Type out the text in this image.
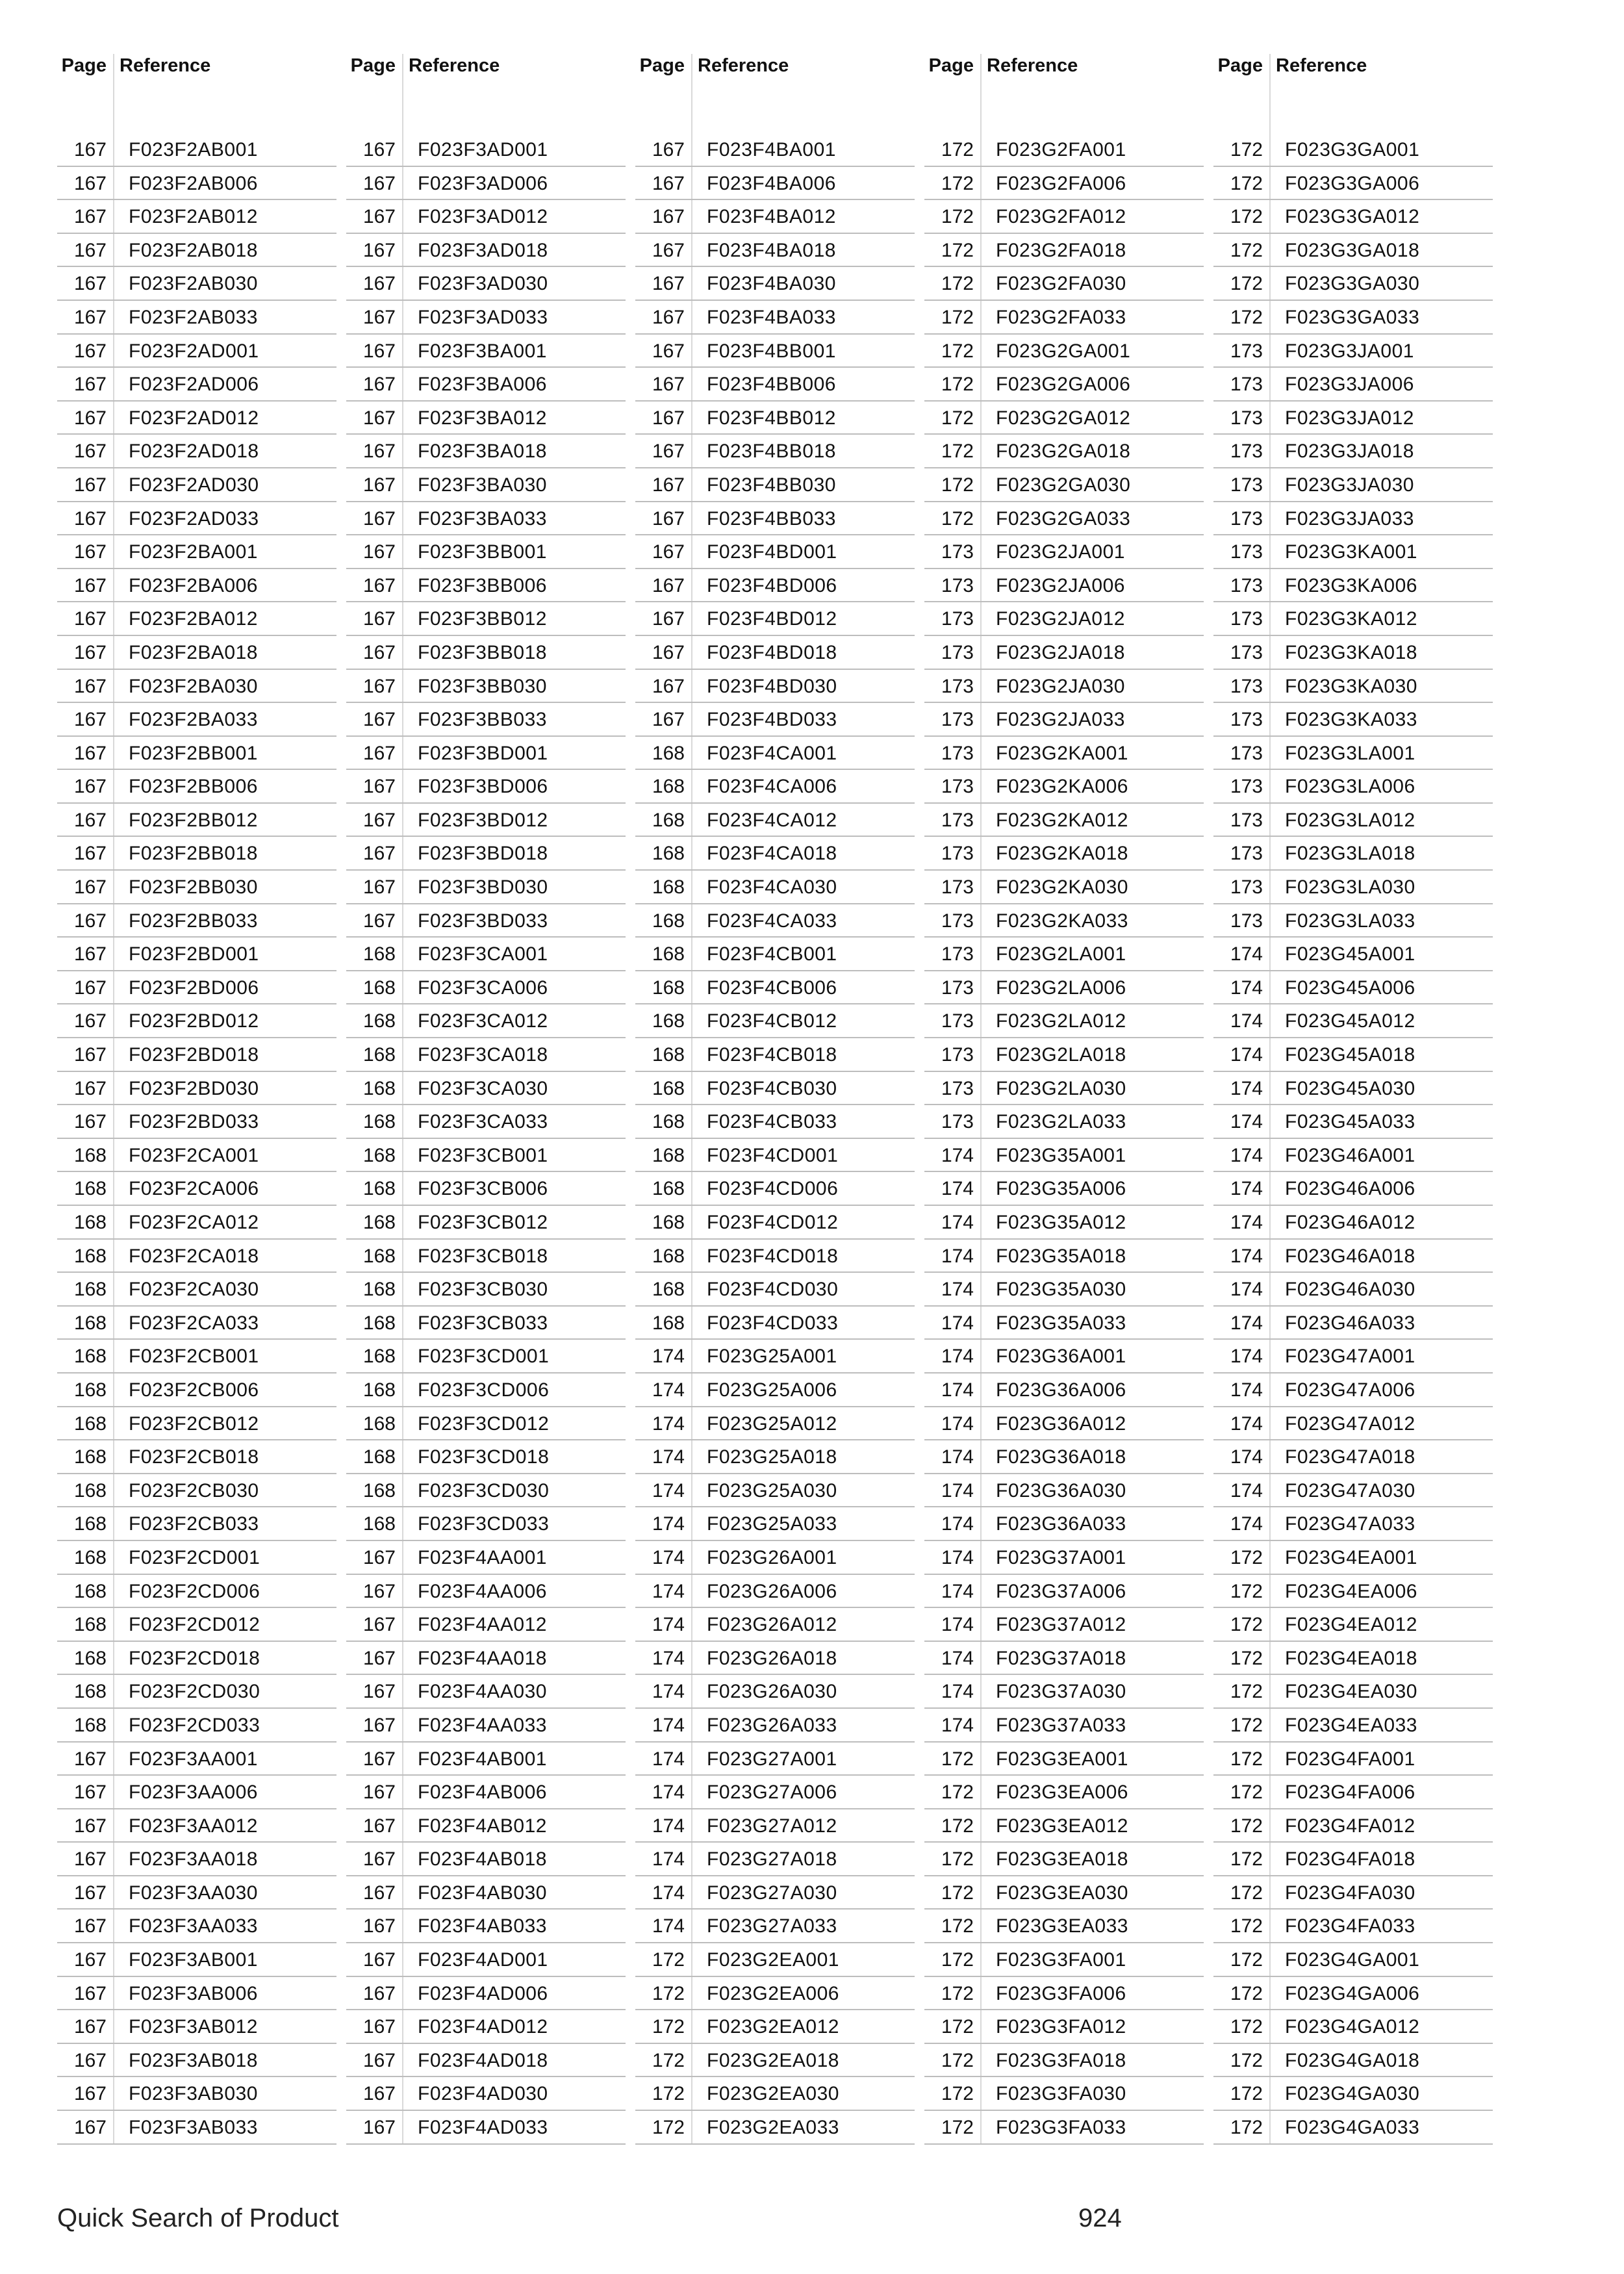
Page Reference
167 F023F2AB001
167 F023F2AB006
167 F023F2AB012
167 F023F2AB018
167 F023F2AB030
167 F023F2AB033
167 F023F2AD001
167 F023F2AD006
167 F023F2AD012
167 F023F2AD018
167 F023F2AD030
167 F023F2AD033
167 F023F2BA001
167 F023F2BA006
167 F023F2BA012
167 F023F2BA018
167 F023F2BA030
167 F023F2BA033
167 F023F2BB001
167 F023F2BB006
167 F023F2BB012
167 F023F2BB018
167 F023F2BB030
167 F023F2BB033
167 F023F2BD001
167 F023F2BD006
167 F023F2BD012
167 F023F2BD018
167 F023F2BD030
167 F023F2BD033
168 F023F2CA001
168 F023F2CA006
168 F023F2CA012
168 F023F2CA018
168 F023F2CA030
168 F023F2CA033
168 F023F2CB001
168 F023F2CB006
168 F023F2CB012
168 F023F2CB018
168 F023F2CB030
168 F023F2CB033
168 F023F2CD001
168 F023F2CD006
168 F023F2CD012
168 F023F2CD018
168 F023F2CD030
168 F023F2CD033
167 F023F3AA001
167 F023F3AA006
167 F023F3AA012
167 F023F3AA018
167 F023F3AA030
167 F023F3AA033
167 F023F3AB001
167 F023F3AB006
167 F023F3AB012
167 F023F3AB018
167 F023F3AB030
167 F023F3AB033
Page Reference
167 F023F3AD001
167 F023F3AD006
167 F023F3AD012
167 F023F3AD018
167 F023F3AD030
167 F023F3AD033
167 F023F3BA001
167 F023F3BA006
167 F023F3BA012
167 F023F3BA018
167 F023F3BA030
167 F023F3BA033
167 F023F3BB001
167 F023F3BB006
167 F023F3BB012
167 F023F3BB018
167 F023F3BB030
167 F023F3BB033
167 F023F3BD001
167 F023F3BD006
167 F023F3BD012
167 F023F3BD018
167 F023F3BD030
167 F023F3BD033
168 F023F3CA001
168 F023F3CA006
168 F023F3CA012
168 F023F3CA018
168 F023F3CA030
168 F023F3CA033
168 F023F3CB001
168 F023F3CB006
168 F023F3CB012
168 F023F3CB018
168 F023F3CB030
168 F023F3CB033
168 F023F3CD001
168 F023F3CD006
168 F023F3CD012
168 F023F3CD018
168 F023F3CD030
168 F023F3CD033
167 F023F4AA001
167 F023F4AA006
167 F023F4AA012
167 F023F4AA018
167 F023F4AA030
167 F023F4AA033
167 F023F4AB001
167 F023F4AB006
167 F023F4AB012
167 F023F4AB018
167 F023F4AB030
167 F023F4AB033
167 F023F4AD001
167 F023F4AD006
167 F023F4AD012
167 F023F4AD018
167 F023F4AD030
167 F023F4AD033
Page Reference
167 F023F4BA001
167 F023F4BA006
167 F023F4BA012
167 F023F4BA018
167 F023F4BA030
167 F023F4BA033
167 F023F4BB001
167 F023F4BB006
167 F023F4BB012
167 F023F4BB018
167 F023F4BB030
167 F023F4BB033
167 F023F4BD001
167 F023F4BD006
167 F023F4BD012
167 F023F4BD018
167 F023F4BD030
167 F023F4BD033
168 F023F4CA001
168 F023F4CA006
168 F023F4CA012
168 F023F4CA018
168 F023F4CA030
168 F023F4CA033
168 F023F4CB001
168 F023F4CB006
168 F023F4CB012
168 F023F4CB018
168 F023F4CB030
168 F023F4CB033
168 F023F4CD001
168 F023F4CD006
168 F023F4CD012
168 F023F4CD018
168 F023F4CD030
168 F023F4CD033
174 F023G25A001
174 F023G25A006
174 F023G25A012
174 F023G25A018
174 F023G25A030
174 F023G25A033
174 F023G26A001
174 F023G26A006
174 F023G26A012
174 F023G26A018
174 F023G26A030
174 F023G26A033
174 F023G27A001
174 F023G27A006
174 F023G27A012
174 F023G27A018
174 F023G27A030
174 F023G27A033
172 F023G2EA001
172 F023G2EA006
172 F023G2EA012
172 F023G2EA018
172 F023G2EA030
172 F023G2EA033
Page Reference
172 F023G2FA001
172 F023G2FA006
172 F023G2FA012
172 F023G2FA018
172 F023G2FA030
172 F023G2FA033
172 F023G2GA001
172 F023G2GA006
172 F023G2GA012
172 F023G2GA018
172 F023G2GA030
172 F023G2GA033
173 F023G2JA001
173 F023G2JA006
173 F023G2JA012
173 F023G2JA018
173 F023G2JA030
173 F023G2JA033
173 F023G2KA001
173 F023G2KA006
173 F023G2KA012
173 F023G2KA018
173 F023G2KA030
173 F023G2KA033
173 F023G2LA001
173 F023G2LA006
173 F023G2LA012
173 F023G2LA018
173 F023G2LA030
173 F023G2LA033
174 F023G35A001
174 F023G35A006
174 F023G35A012
174 F023G35A018
174 F023G35A030
174 F023G35A033
174 F023G36A001
174 F023G36A006
174 F023G36A012
174 F023G36A018
174 F023G36A030
174 F023G36A033
174 F023G37A001
174 F023G37A006
174 F023G37A012
174 F023G37A018
174 F023G37A030
174 F023G37A033
172 F023G3EA001
172 F023G3EA006
172 F023G3EA012
172 F023G3EA018
172 F023G3EA030
172 F023G3EA033
172 F023G3FA001
172 F023G3FA006
172 F023G3FA012
172 F023G3FA018
172 F023G3FA030
172 F023G3FA033
Page Reference
172 F023G3GA001
172 F023G3GA006
172 F023G3GA012
172 F023G3GA018
172 F023G3GA030
172 F023G3GA033
173 F023G3JA001
173 F023G3JA006
173 F023G3JA012
173 F023G3JA018
173 F023G3JA030
173 F023G3JA033
173 F023G3KA001
173 F023G3KA006
173 F023G3KA012
173 F023G3KA018
173 F023G3KA030
173 F023G3KA033
173 F023G3LA001
173 F023G3LA006
173 F023G3LA012
173 F023G3LA018
173 F023G3LA030
173 F023G3LA033
174 F023G45A001
174 F023G45A006
174 F023G45A012
174 F023G45A018
174 F023G45A030
174 F023G45A033
174 F023G46A001
174 F023G46A006
174 F023G46A012
174 F023G46A018
174 F023G46A030
174 F023G46A033
174 F023G47A001
174 F023G47A006
174 F023G47A012
174 F023G47A018
174 F023G47A030
174 F023G47A033
172 F023G4EA001
172 F023G4EA006
172 F023G4EA012
172 F023G4EA018
172 F023G4EA030
172 F023G4EA033
172 F023G4FA001
172 F023G4FA006
172 F023G4FA012
172 F023G4FA018
172 F023G4FA030
172 F023G4FA033
172 F023G4GA001
172 F023G4GA006
172 F023G4GA012
172 F023G4GA018
172 F023G4GA030
172 F023G4GA033
Quick Search of Product	924
